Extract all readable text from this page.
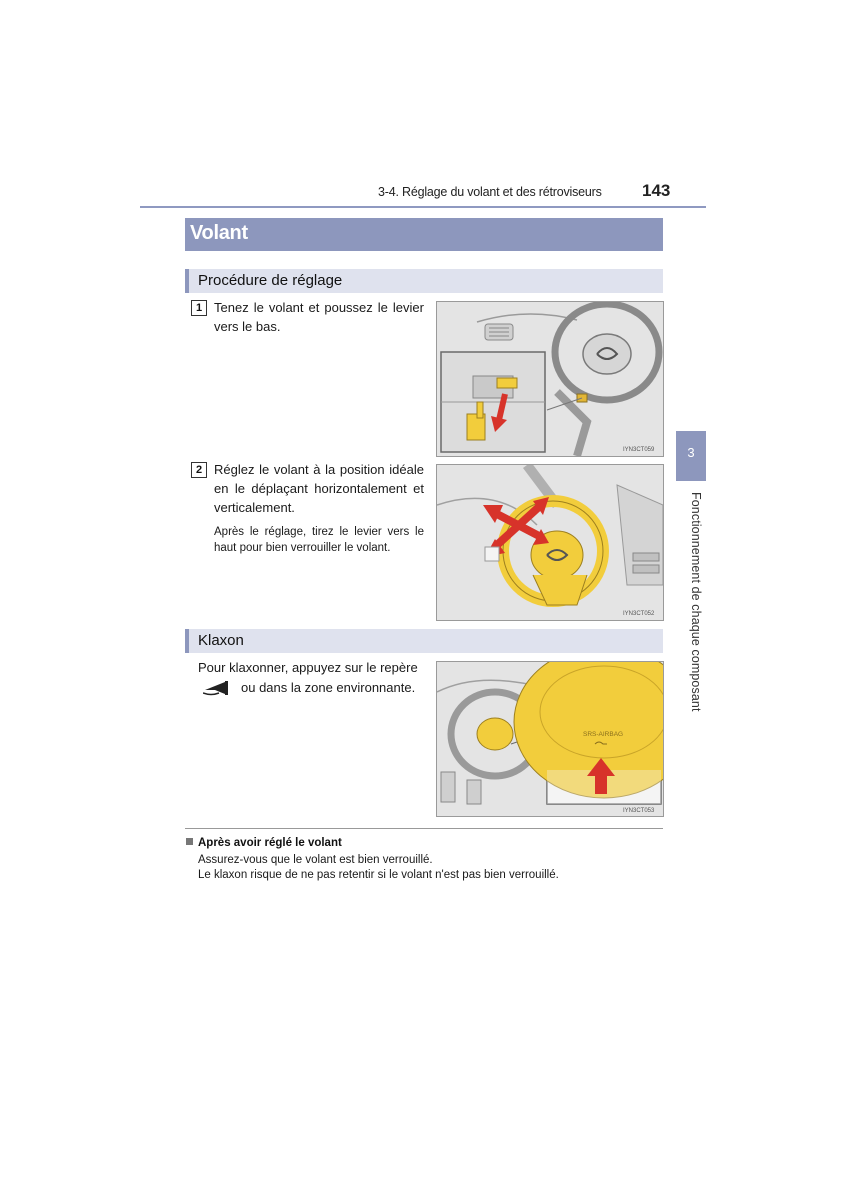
3-4. Réglage du volant et des rétroviseurs 143
Volant
Procédure de réglage
1 Tenez le volant et poussez le levier vers le bas.
IYN3CT059
2 Réglez le volant à la position idéale en le déplaçant horizontalement et verticalement.
Après le réglage, tirez le levier vers le haut pour bien verrouiller le volant.
IYN3CT052
Klaxon
Pour klaxonner, appuyez sur le repère
ou dans la zone environnante.
SRS-AIRBAG
IYN3CT053
3
Fonctionnement de chaque composant
Après avoir réglé le volant
Assurez-vous que le volant est bien verrouillé.
Le klaxon risque de ne pas retentir si le volant n'est pas bien verrouillé.
